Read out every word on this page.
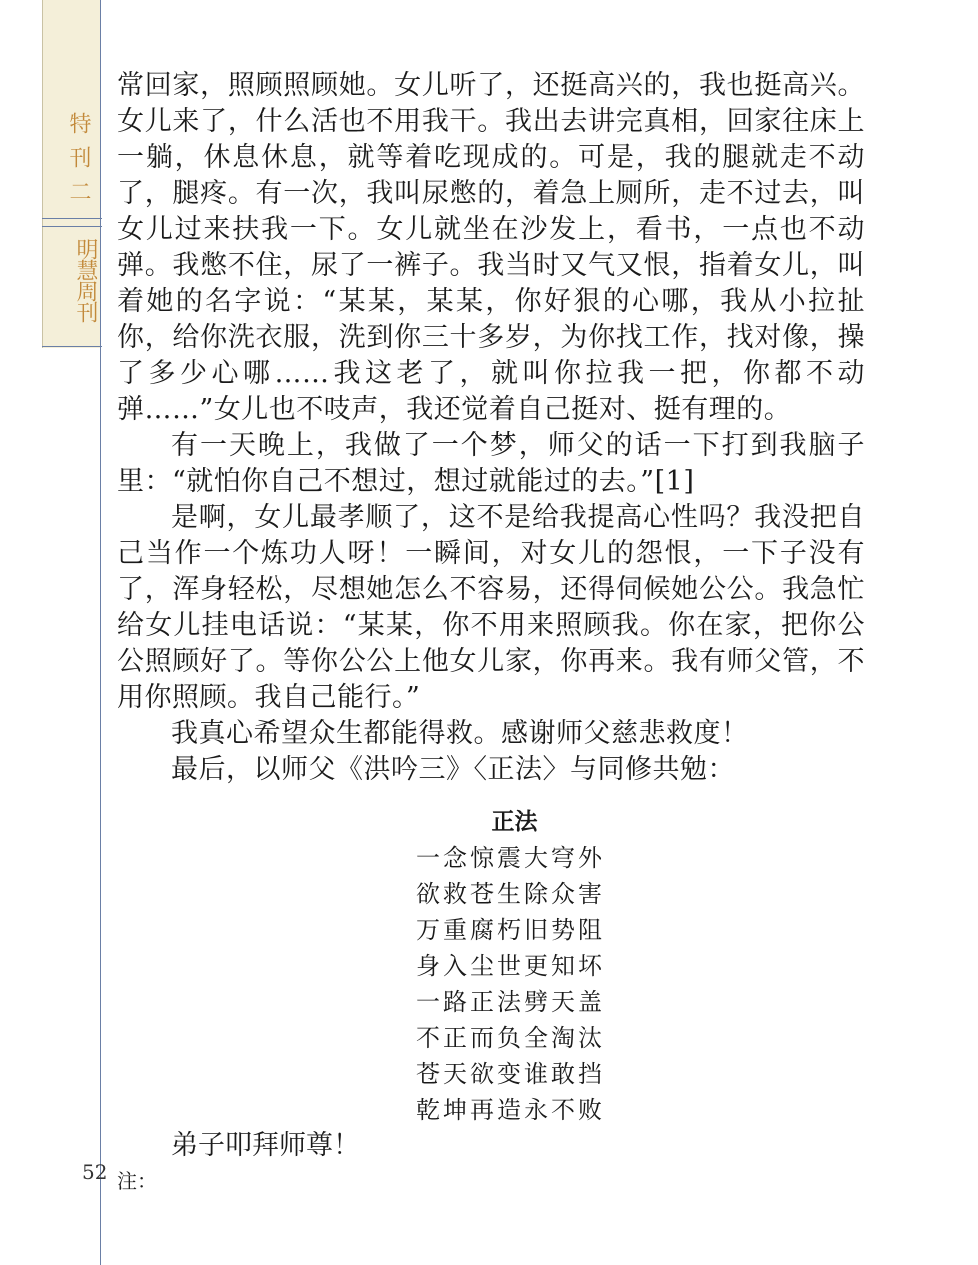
特刊二
明慧周刊
52

常回家，照顾照顾她。女儿听了，还挺高兴的，我也挺高兴。女儿来了，什么活也不用我干。我出去讲完真相，回家往床上一躺，休息休息，就等着吃现成的。可是，我的腿就走不动了，腿疼。有一次，我叫尿憋的，着急上厕所，走不过去，叫女儿过来扶我一下。女儿就坐在沙发上，看书，一点也不动弹。我憋不住，尿了一裤子。我当时又气又恨，指着女儿，叫着她的名字说：“某某，某某，你好狠的心哪，我从小拉扯你，给你洗衣服，洗到你三十多岁，为你找工作，找对像，操了多少心哪……我这老了，就叫你拉我一把，你都不动弹……”女儿也不吱声，我还觉着自己挺对、挺有理的。

有一天晚上，我做了一个梦，师父的话一下打到我脑子里：“就怕你自己不想过，想过就能过的去。”[1]

是啊，女儿最孝顺了，这不是给我提高心性吗？我没把自己当作一个炼功人呀！一瞬间，对女儿的怨恨，一下子没有了，浑身轻松，尽想她怎么不容易，还得伺候她公公。我急忙给女儿挂电话说：“某某，你不用来照顾我。你在家，把你公公照顾好了。等你公公上他女儿家，你再来。我有师父管，不用你照顾。我自己能行。”

我真心希望众生都能得救。感谢师父慈悲救度！

最后，以师父《洪吟三》〈正法〉与同修共勉：

正法
一念惊震大穹外
欲救苍生除众害
万重腐朽旧势阻
身入尘世更知坏
一路正法劈天盖
不正而负全淘汰
苍天欲变谁敢挡
乾坤再造永不败
弟子叩拜师尊！
注：
